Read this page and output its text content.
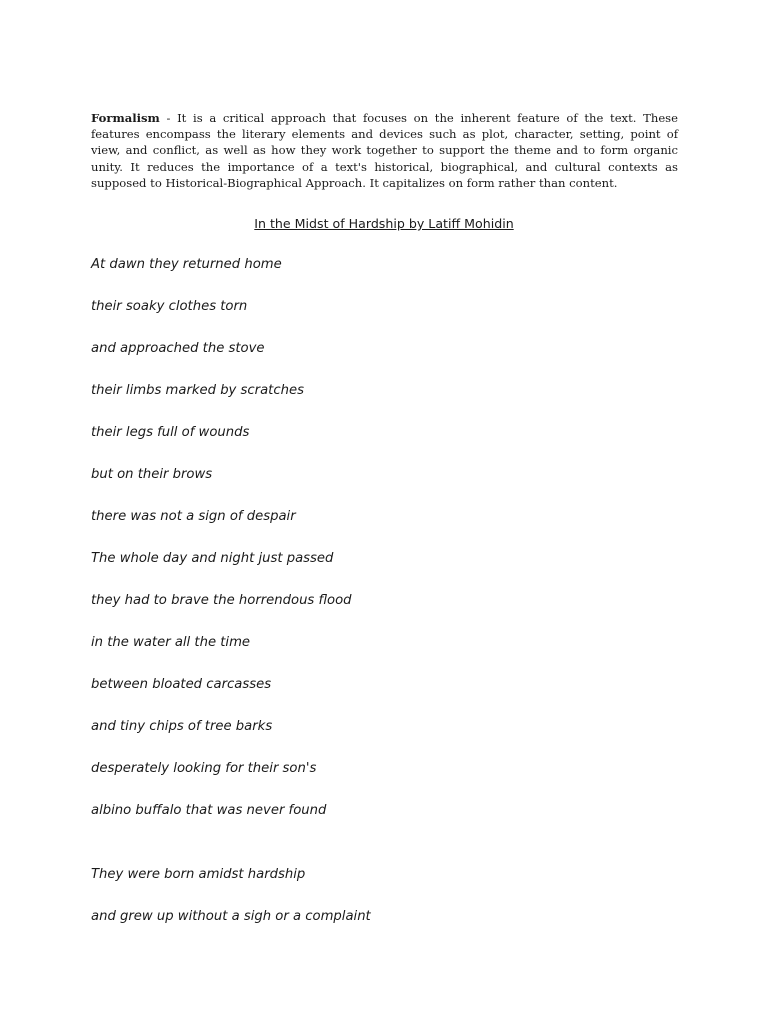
Formalism - It is a critical approach that focuses on the inherent feature of the text. These features encompass the literary elements and devices such as plot, character, setting, point of view, and conflict, as well as how they work together to support the theme and to form organic unity. It reduces the importance of a text's historical, biographical, and cultural contexts as supposed to Historical-Biographical Approach. It capitalizes on form rather than content.

In the Midst of Hardship by Latiff Mohidin

At dawn they returned home

their soaky clothes torn

and approached the stove

their limbs marked by scratches

their legs full of wounds

but on their brows

there was not a sign of despair

The whole day and night just passed

they had to brave the horrendous flood

in the water all the time

between bloated carcasses

and tiny chips of tree barks

desperately looking for their son's

albino buffalo that was never found

They were born amidst hardship

and grew up without a sigh or a complaint
